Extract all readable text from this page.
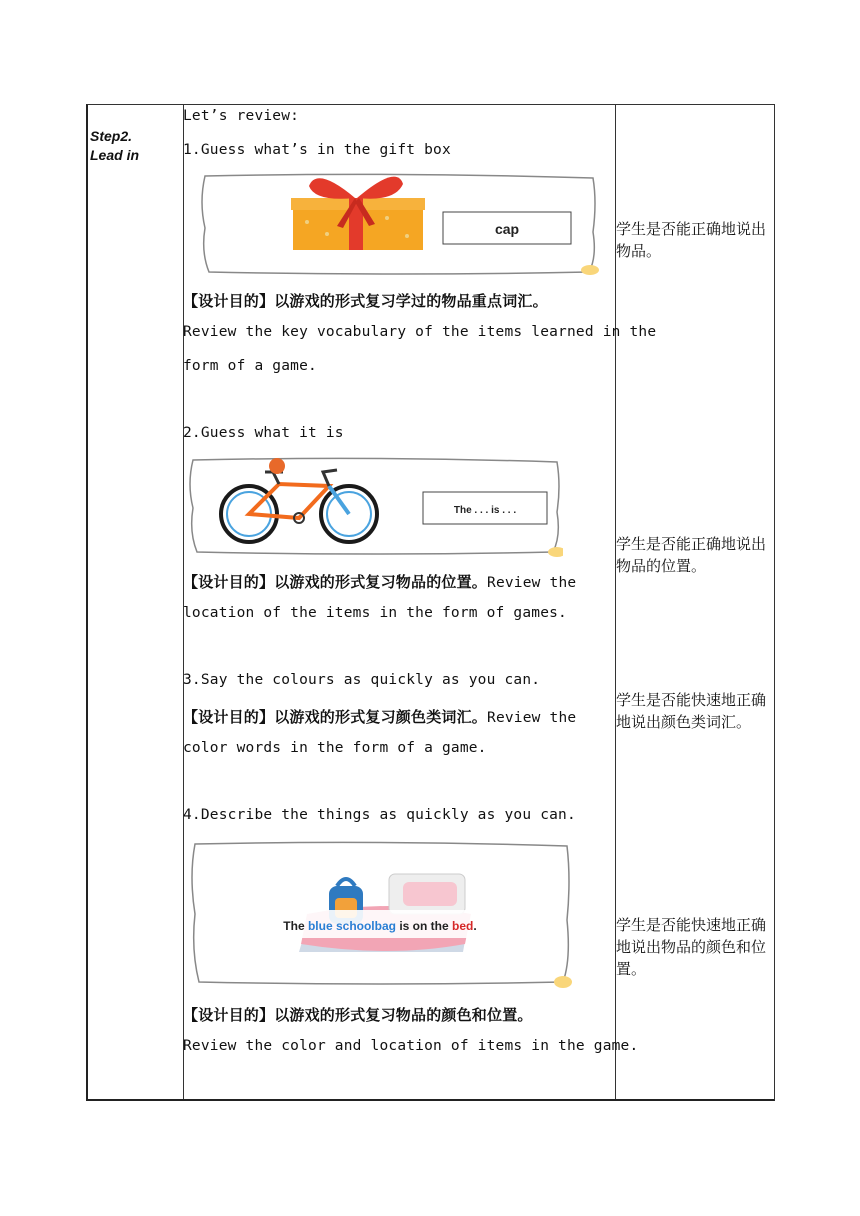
Step2.
Lead in
Let’s review:
1.Guess what’s in the gift box
cap
【设计目的】以游戏的形式复习学过的物品重点词汇。
Review the key vocabulary of the items learned in the
form of a game.
2.Guess what it is
The . . . is . . .
【设计目的】以游戏的形式复习物品的位置。Review the
location of the items in the form of games.
3.Say the colours as quickly as you can.
【设计目的】以游戏的形式复习颜色类词汇。Review the
color words in the form of a game.
4.Describe the things as quickly as you can.
The blue schoolbag is on the bed.
【设计目的】以游戏的形式复习物品的颜色和位置。
Review the color and location of items in the game.
学生是否能正确地说出物品。
学生是否能正确地说出物品的位置。
学生是否能快速地正确地说出颜色类词汇。
学生是否能快速地正确地说出物品的颜色和位置。
